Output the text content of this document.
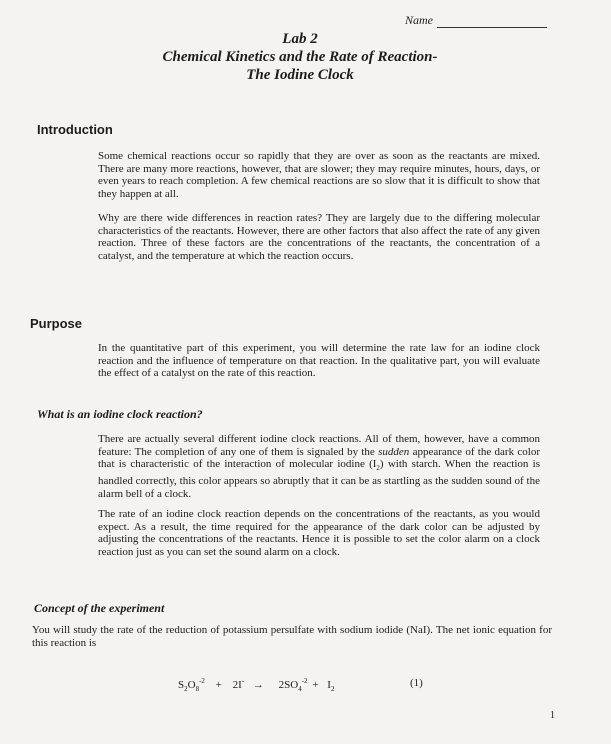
Name
Lab 2
Chemical Kinetics and the Rate of Reaction-
The Iodine Clock
Introduction

Some chemical reactions occur so rapidly that they are over as soon as the reactants are mixed. There are many more reactions, however, that are slower; they may require minutes, hours, days, or even years to reach completion. A few chemical reactions are so slow that it is difficult to show that they happen at all.

Why are there wide differences in reaction rates? They are largely due to the differing molecular characteristics of the reactants. However, there are other factors that also affect the rate of any given reaction. Three of these factors are the concentrations of the reactants, the concentration of a catalyst, and the temperature at which the reaction occurs.

Purpose

In the quantitative part of this experiment, you will determine the rate law for an iodine clock reaction and the influence of temperature on that reaction. In the qualitative part, you will evaluate the effect of a catalyst on the rate of this reaction.

What is an iodine clock reaction?

There are actually several different iodine clock reactions. All of them, however, have a common feature: The completion of any one of them is signaled by the sudden appearance of the dark color that is characteristic of the interaction of molecular iodine $(I_2)$ with starch. When the reaction is handled correctly, this color appears so abruptly that it can be as startling as the sudden sound of the alarm bell of a clock.

The rate of an iodine clock reaction depends on the concentrations of the reactants, as you would expect. As a result, the time required for the appearance of the dark color can be adjusted by adjusting the concentrations of the reactants. Hence it is possible to set the color alarm on a clock reaction just as you can set the sound alarm on a clock.

Concept of the experiment

You will study the rate of the reduction of potassium persulfate with sodium iodide (NaI). The net ionic equation for this reaction is

$S_2O_8^{-2} + 2I^- \to 2SO_4^{-2} + I_2$	(1)
1
